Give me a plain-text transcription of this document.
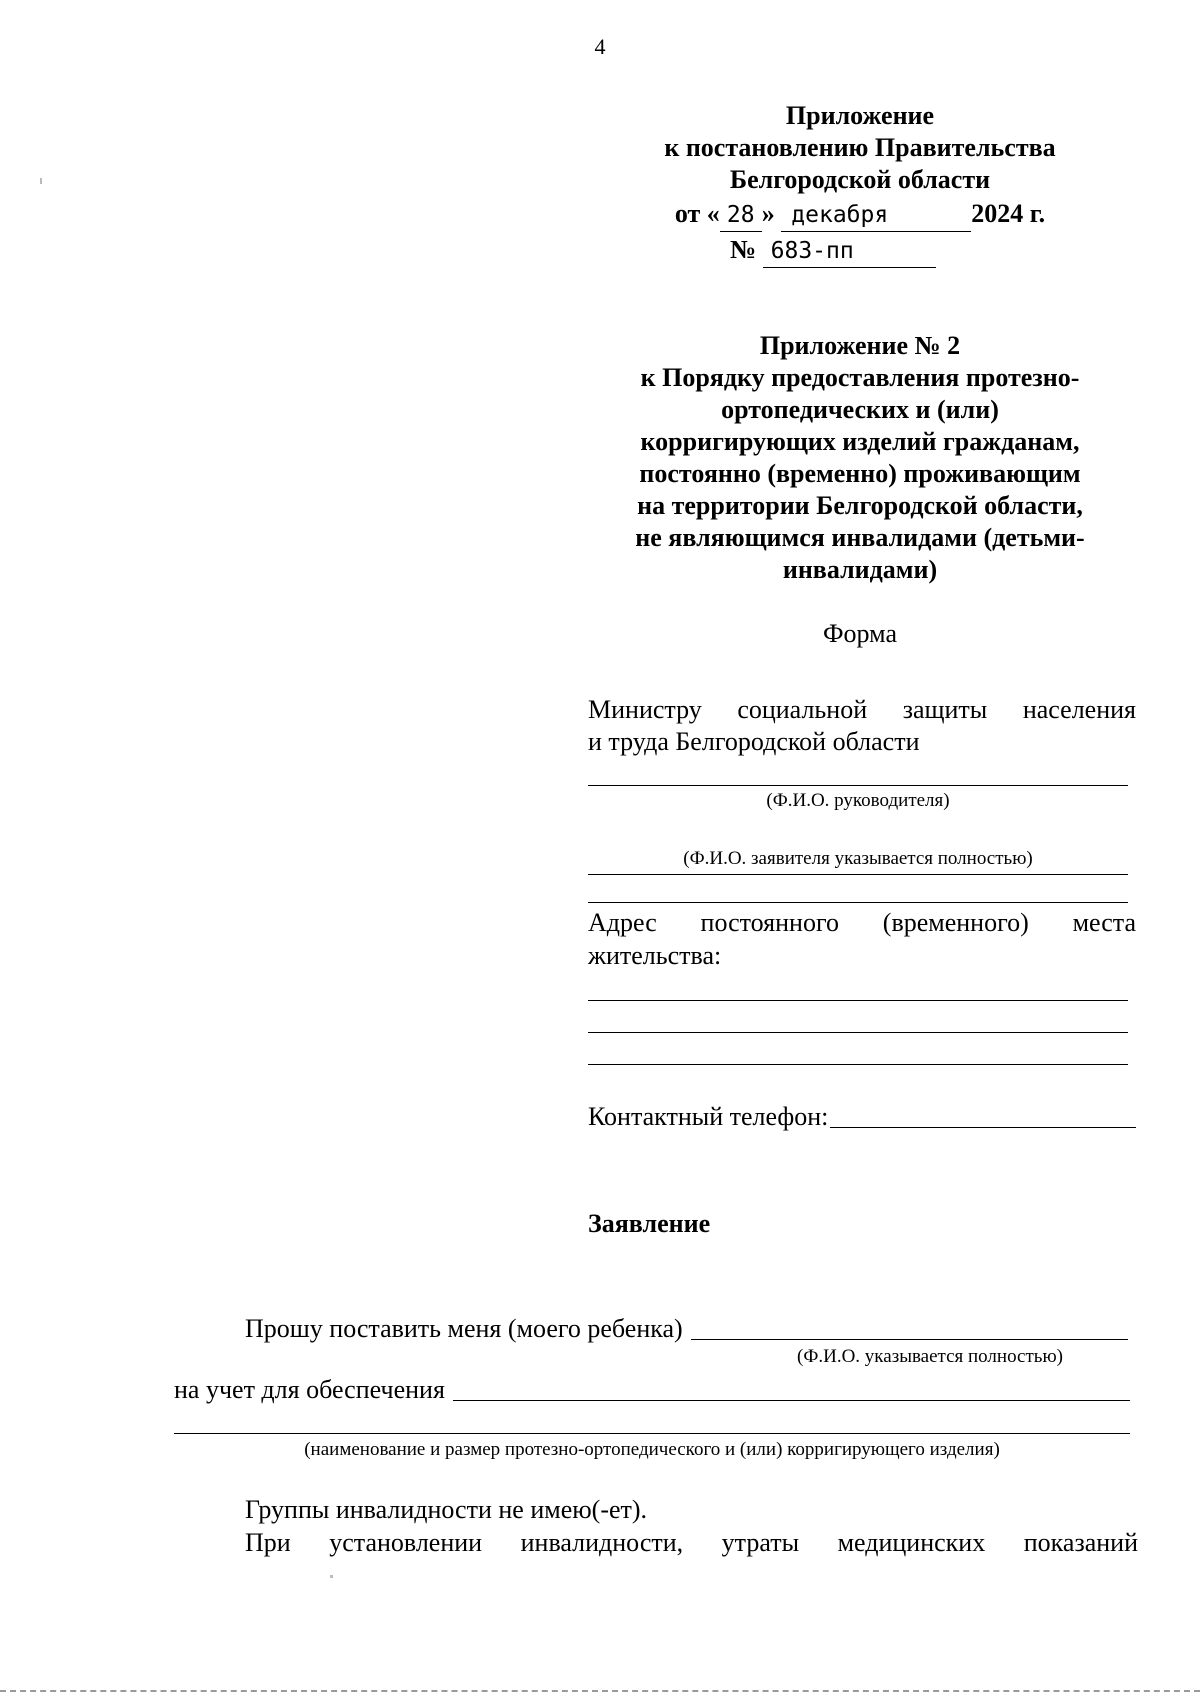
4
Приложение
к постановлению Правительства
Белгородской области
от « 28 » декабря	2024 г.
№ 683-пп
Приложение № 2
к Порядку предоставления протезно-
ортопедических и (или)
корригирующих изделий гражданам,
постоянно (временно) проживающим
на территории Белгородской области,
не являющимся инвалидами (детьми-
инвалидами)
Форма
Министру социальной защиты населения
и труда Белгородской области
(Ф.И.О. руководителя)
(Ф.И.О. заявителя указывается полностью)
Адрес постоянного (временного) места
жительства:
Контактный телефон:
Заявление
Прошу поставить меня (моего ребенка)
(Ф.И.О. указывается полностью)
на учет для обеспечения
(наименование и размер протезно-ортопедического и (или) корригирующего изделия)
Группы инвалидности не имею(-ет).
При установлении инвалидности, утраты медицинских показаний
